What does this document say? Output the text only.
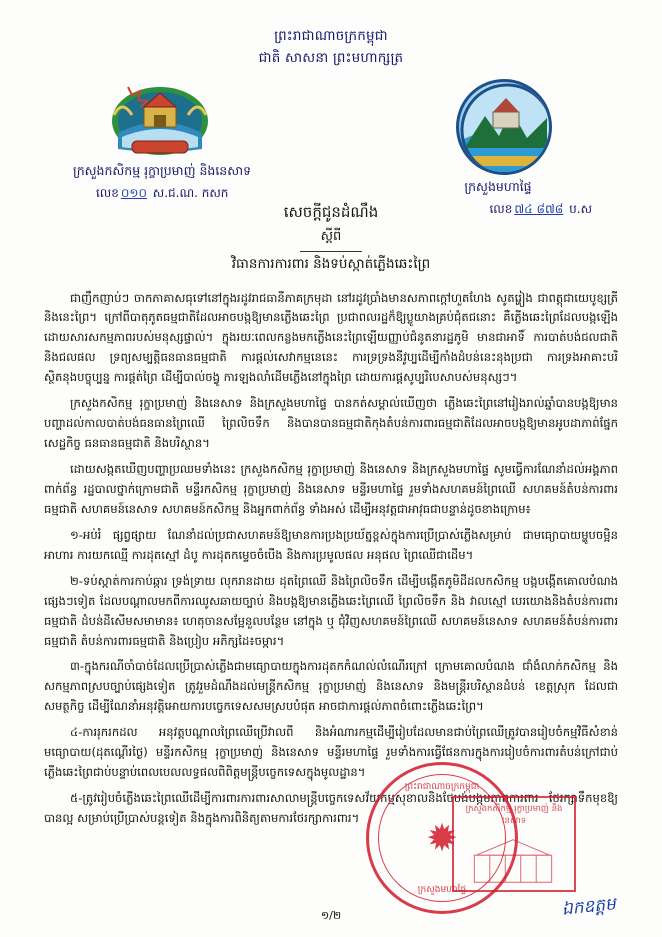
ព្រះរាជាណាចក្រកម្ពុជា
ជាតិ សាសនា ព្រះមហាក្សត្រ
ក្រសួងកសិកម្ម រុក្ខាប្រមាញ់ និងនេសាទ
ក្រសួងមហាផ្ទៃ
លេខ ០១០ ស.ជ.ណ. កសក
លេខ ៧៤ ៨៧៨ ប.ស
សេចក្តីជូនដំណឹង
ស្តីពី
វិធានការការពារ និងទប់ស្កាត់ភ្លើងឆេះព្រៃ

ជាញឹកញាប់ៗ ចាកភាគាសធុទៅនៅក្នុងរដូវរាជធានីភាគក្រមុដា នៅរដូវប្រាំងមានសភាពក្តៅហួតហែង សូតរ្ហៀង ជាពត្តុជាយេបូខ្សត្រីនិងនេះព្រៃ។ ក្រៅពីបាតុភូតធម្មជាតិដែលអាចបង្កឱ្យមានភ្លើងឆេះព្រៃ ប្រជាពលរដ្ឋក៏ឱ្យប្លូយាងគ្រប់ជុំតជនោះ គឺភ្លើងឆេះព្រៃដែលបង្កឡើងដោយសារសកម្មភាពរបស់មនុស្សផ្ទាល់។ ក្នុងរយៈពេលកន្លងមកភ្លើងនេះព្រៃឡើយញ្ញាប់ជំនូតនារដ្ឋភូមិ មានជាអាទិ៍ ការបាត់បង់ជលជាតិនិងជលផល ទ្រព្យសម្បត្តិធនធានធម្មជាតិ ការផ្តល់សេវាកម្មនេនេះ ការទ្រទ្រងនីវូប្បដើម្បីកាំងដំបន់នេះនុងប្រជា ការទ្រងអាគាះបរិស្ថិតនុងបច្ចុប្បន្ន ការផ្តត់ព្រៃ ដើម្បីបាល់ចង្វូ ការឡងលាំដើមភ្លើងនៅក្នុងព្រៃ ដោយការផ្តសូប្បរិបេសាបស់មនុស្សៗ។

ក្រសួងកសិកម្ម រុក្ខាប្រមាញ់ និងនេសាទ និងក្រសួងមហាផ្ទៃ បានកត់សម្គាល់ឃើញថា ភ្លើងឆេះព្រៃនៅរៀងរាល់ឆ្នាំបានបង្កឱ្យមានបញ្ហាដល់កាលបាត់បង់ធនធានព្រៃឈើ ព្រៃលិចទឹក និងបានបានធម្មជាតិកុងតំបន់ការពារធម្មជាតិដែលអាចបង្កឱ្យមានអូបដាភាព់ផ្នែកសេដ្ឋកិច្ច ធនធានធម្មជាតិ និងបរិស្ថាន។

ដោយសង្កតឃើញបញ្ហាប្រឈមទាំងនេះ ក្រសួងកសិកម្ម រុក្ខាប្រមាញ់ និងនេសាទ និងក្រសួងមហាផ្ទៃ សូមធ្វើការណែនាំដល់អង្គភាពពាក់ព័ន្ធ រដ្ឋបាលថ្នាក់ក្រោមជាតិ មន្ទីរកសិកម្ម រុក្ខាប្រមាញ់ និងនេសាទ មន្ទីរមហាផ្ទៃ រួមទាំងសហគមន៍ព្រៃឈើ សហគមន៍តំបន់ការពារធម្មជាតិ សហគមន៍នេសាទ សហគមន៍កសិកម្ម និងអ្នកពាក់ព័ន្ធ ទាំងអស់ ដើម្បីអនុវត្តជាអាវុធជាបន្ទាន់ដូចខាងក្រោម៖

១-អប់រំ ផ្សព្វផ្សាយ ណែនាំដល់ប្រជាសហគមន៍ឱ្យមានការប្រងប្រយ័ត្នខ្ពស់ក្នុងការប្រើប្រាស់ភ្លើងសម្រាប់ ជាមធ្យោបាយម្ហូបចម្អិនអាហារ ការយកឈ្មើ ការដុតស្មៅ ដំបូ ការដុតកម្ទេចចំបើង និងការប្រមូលផល អនុផល ព្រៃឈើជាដើម។

២-ទប់ស្កាត់ការកាប់ឆ្ការ ទ្រង់ទ្រាយ លុករានដាយ ដុតព្រៃឈើ និងព្រៃលិចទឹក ដើម្បីបង្កើតភូមិដីដលកសិកម្ម បង្កបង្កើតគោលបំណងផ្សេងៗទៀត ដែលបណ្តាលមកពីការឈូសឆាយច្បាប់ និងបង្កឱ្យមានភ្លើងឆេះព្រៃឈើ ព្រៃលិចទឹក និង វាលស្មៅ បេរយោងនិងតំបន់ការពារធម្មជាតិ ដំបន់ដីសើមសមាមាន៖ ហេតុចានសម្អែនួលបន្ថែម នៅក្នុង ឬ ជុំវិញសហគមន៍ព្រៃឈើ សហគមន៍នេសាទ សហគមន៍តំបន់ការពារធម្មជាតិ តំបន់ការពារធម្មជាតិ និងប្រៀប អភិក្សដៃ៖ចម្ការ។

៣-ក្នុងករណីចាំបាច់ដែលប្រើប្រាស់ភ្លើងជាមធ្យោបាយក្នុងការដុតកកំណល់លំណើរក្រៅ ក្រោមគោលបំណង ជាំងំលាក់កសិកម្ម និងសកម្មភាពស្របច្បាប់ផ្សេងទៀត ត្រូវរួមដំណឹងដល់មន្ត្រីកសិកម្ម រុក្ខាប្រមាញ់ និងនេសាទ និងមន្ត្រីរបរិស្ថានដំបន់ ខេត្តស្រុក ដែលជាសមត្ថកិច្ច ដើម្បីណែនាំអនុវត្តិអោយការបច្ចេកទេសសមស្របបំផុត អាចជាការផ្តល់ភាពចំពោះភ្លើងឆេះព្រៃ។

៤-ការរុករកដល អនុវត្តបណ្តាលព្រៃឈើប្រើវាលពី និងអំណារកម្មដើម្បីរៀបដែលមានជាប់ព្រៃឈើត្រូវបានរៀបចំកម្មវិធីសំខាន់ មធ្យោបាយ(ដុតណ្តើរថ្ងៃ) មន្ទីរកសិកម្ម រុក្ខាប្រមាញ់ និងនេសាទ មន្ទីរមហាផ្ទៃ រួមទាំងការធ្វើផែនការក្នុងការរៀបចំការពារតំបន់ក្រៅជាប់ភ្លើងឆេះព្រៃជាប់បន្ទាប់ពេលបេលលទ្ធផលពិពិត្តមន្រ្តីបច្ចេកទេសក្នុងមូលដ្ឋាន។

៥-ត្រូវរៀបចំភ្លើងឆេះព្រៃឈើដើម្បីការពារការពារសាលាមន្ត្រីបច្ចេកទេសវ័យកម្មសុខាលនិងថែបង់បង្កមភាពការពារ ថែរក្សាទឹកមុខឱ្យបានល្អ សម្រាប់ប្រើប្រាស់បន្តទៀត និងក្នុងការពិនិត្យតាមការថែរក្សាការពារ។

ព្រះរាជាណាចក្រកម្ពុជា
✹
ក្រសួងមហាផ្ទៃ
ក្រសួងកសិកម្ម រុក្ខាប្រមាញ់ និងនេសាទ
ឯកឧត្តម
១/២
